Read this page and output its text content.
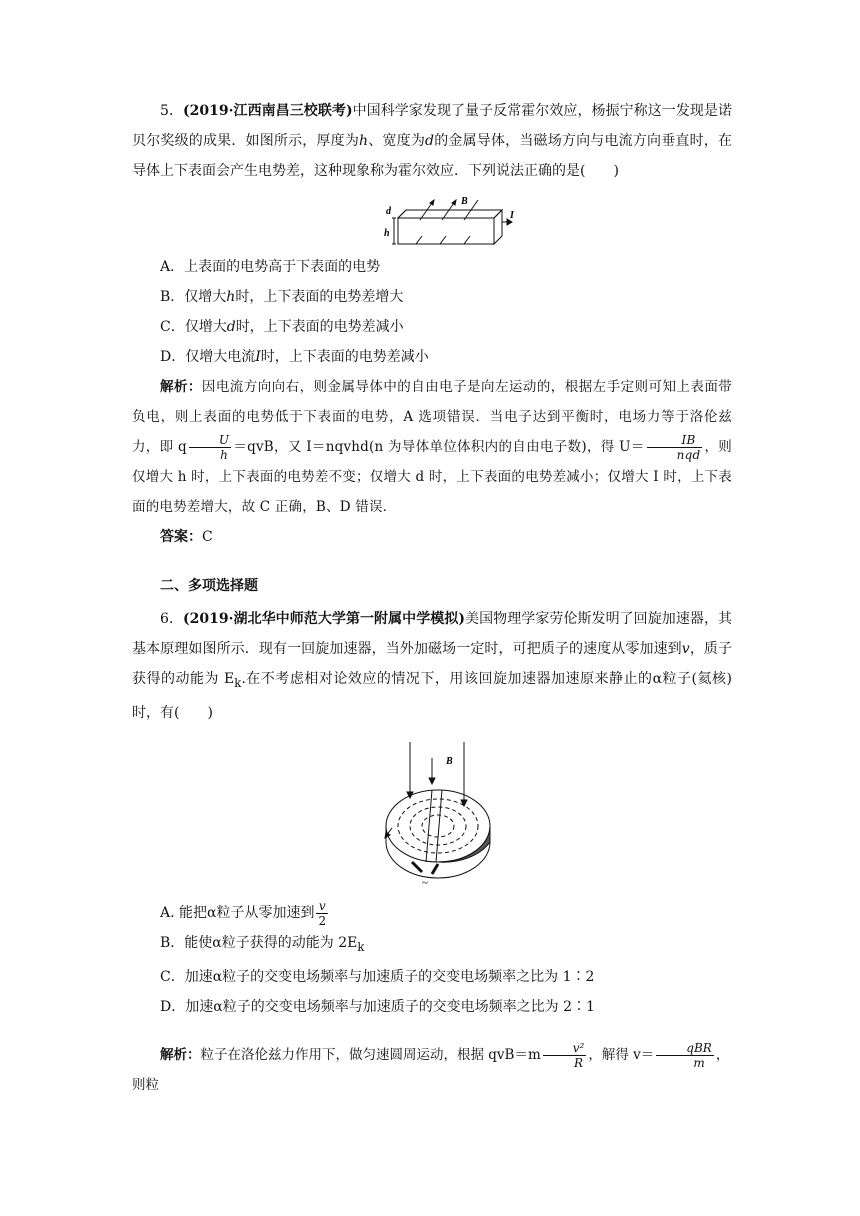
5．(2019·江西南昌三校联考)中国科学家发现了量子反常霍尔效应，杨振宁称这一发现是诺贝尔奖级的成果．如图所示，厚度为h、宽度为d的金属导体，当磁场方向与电流方向垂直时，在导体上下表面会产生电势差，这种现象称为霍尔效应．下列说法正确的是(　　)
A．上表面的电势高于下表面的电势
B．仅增大h时，上下表面的电势差增大
C．仅增大d时，上下表面的电势差减小
D．仅增大电流I时，上下表面的电势差减小
解析：因电流方向向右，则金属导体中的自由电子是向左运动的，根据左手定则可知上表面带负电，则上表面的电势低于下表面的电势，A 选项错误．当电子达到平衡时，电场力等于洛伦兹力，即 q $\frac{U}{h} =qvB$，又 I＝nqvhd(n 为导体单位体积内的自由电子数)，得 $U= \frac{IB}{\text{nqd}}$ ，则仅增大 h 时，上下表面的电势差不变；仅增大 d 时，上下表面的电势差减小；仅增大 I 时，上下表面的电势差增大，故 C 正确，B、D 错误．
答案：C
d
h
B
I
二、多项选择题
6．(2019·湖北华中师范大学第一附属中学模拟)美国物理学家劳伦斯发明了回旋加速器，其基本原理如图所示．现有一回旋加速器，当外加磁场一定时，可把质子的速度从零加速到v，质子获得的动能为 $E_k$.在不考虑相对论效应的情况下，用该回旋加速器加速原来静止的α粒子(氦核)时，有(　　)
B
~
A. 能把α粒子从零加速到 $\frac{v}{2}$
B．能使α粒子获得的动能为 $2E_k$
C．加速α粒子的交变电场频率与加速质子的交变电场频率之比为 1∶2
D．加速α粒子的交变电场频率与加速质子的交变电场频率之比为 2∶1
解析：粒子在洛伦兹力作用下，做匀速圆周运动，根据 $qvB=m \frac{\text{v²}}{R}$ ，解得 $v= \frac{\text{qBR}}{m}$ ，则粒
